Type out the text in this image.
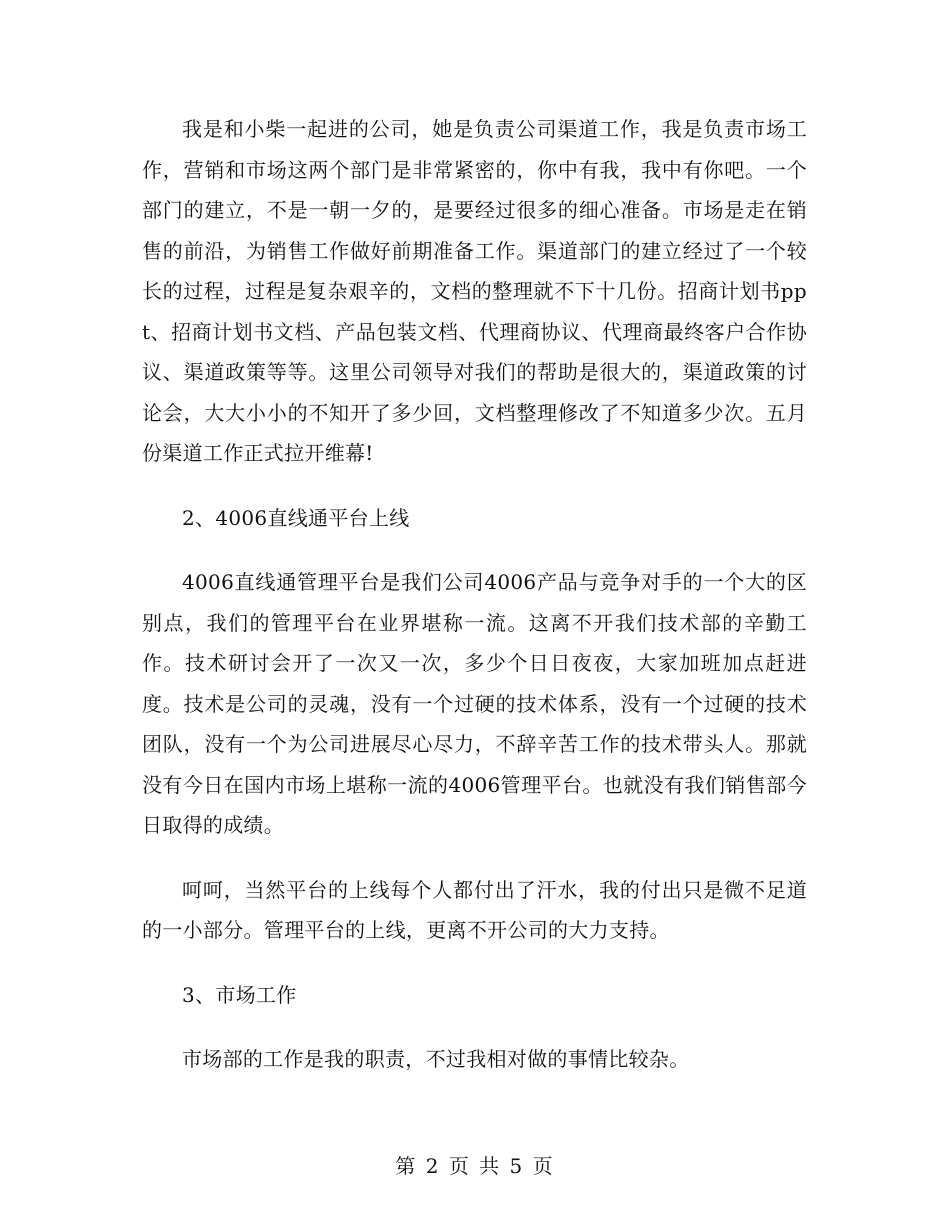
我是和小柴一起进的公司，她是负责公司渠道工作，我是负责市场工作，营销和市场这两个部门是非常紧密的，你中有我，我中有你吧。一个部门的建立，不是一朝一夕的，是要经过很多的细心准备。市场是走在销售的前沿，为销售工作做好前期准备工作。渠道部门的建立经过了一个较长的过程，过程是复杂艰辛的，文档的整理就不下十几份。招商计划书ppt、招商计划书文档、产品包装文档、代理商协议、代理商最终客户合作协议、渠道政策等等。这里公司领导对我们的帮助是很大的，渠道政策的讨论会，大大小小的不知开了多少回，文档整理修改了不知道多少次。五月份渠道工作正式拉开维幕!

2、4006直线通平台上线

4006直线通管理平台是我们公司4006产品与竞争对手的一个大的区别点，我们的管理平台在业界堪称一流。这离不开我们技术部的辛勤工作。技术研讨会开了一次又一次，多少个日日夜夜，大家加班加点赶进度。技术是公司的灵魂，没有一个过硬的技术体系，没有一个过硬的技术团队，没有一个为公司进展尽心尽力，不辞辛苦工作的技术带头人。那就没有今日在国内市场上堪称一流的4006管理平台。也就没有我们销售部今日取得的成绩。

呵呵，当然平台的上线每个人都付出了汗水，我的付出只是微不足道的一小部分。管理平台的上线，更离不开公司的大力支持。

3、市场工作

市场部的工作是我的职责，不过我相对做的事情比较杂。

第 2 页 共 5 页
